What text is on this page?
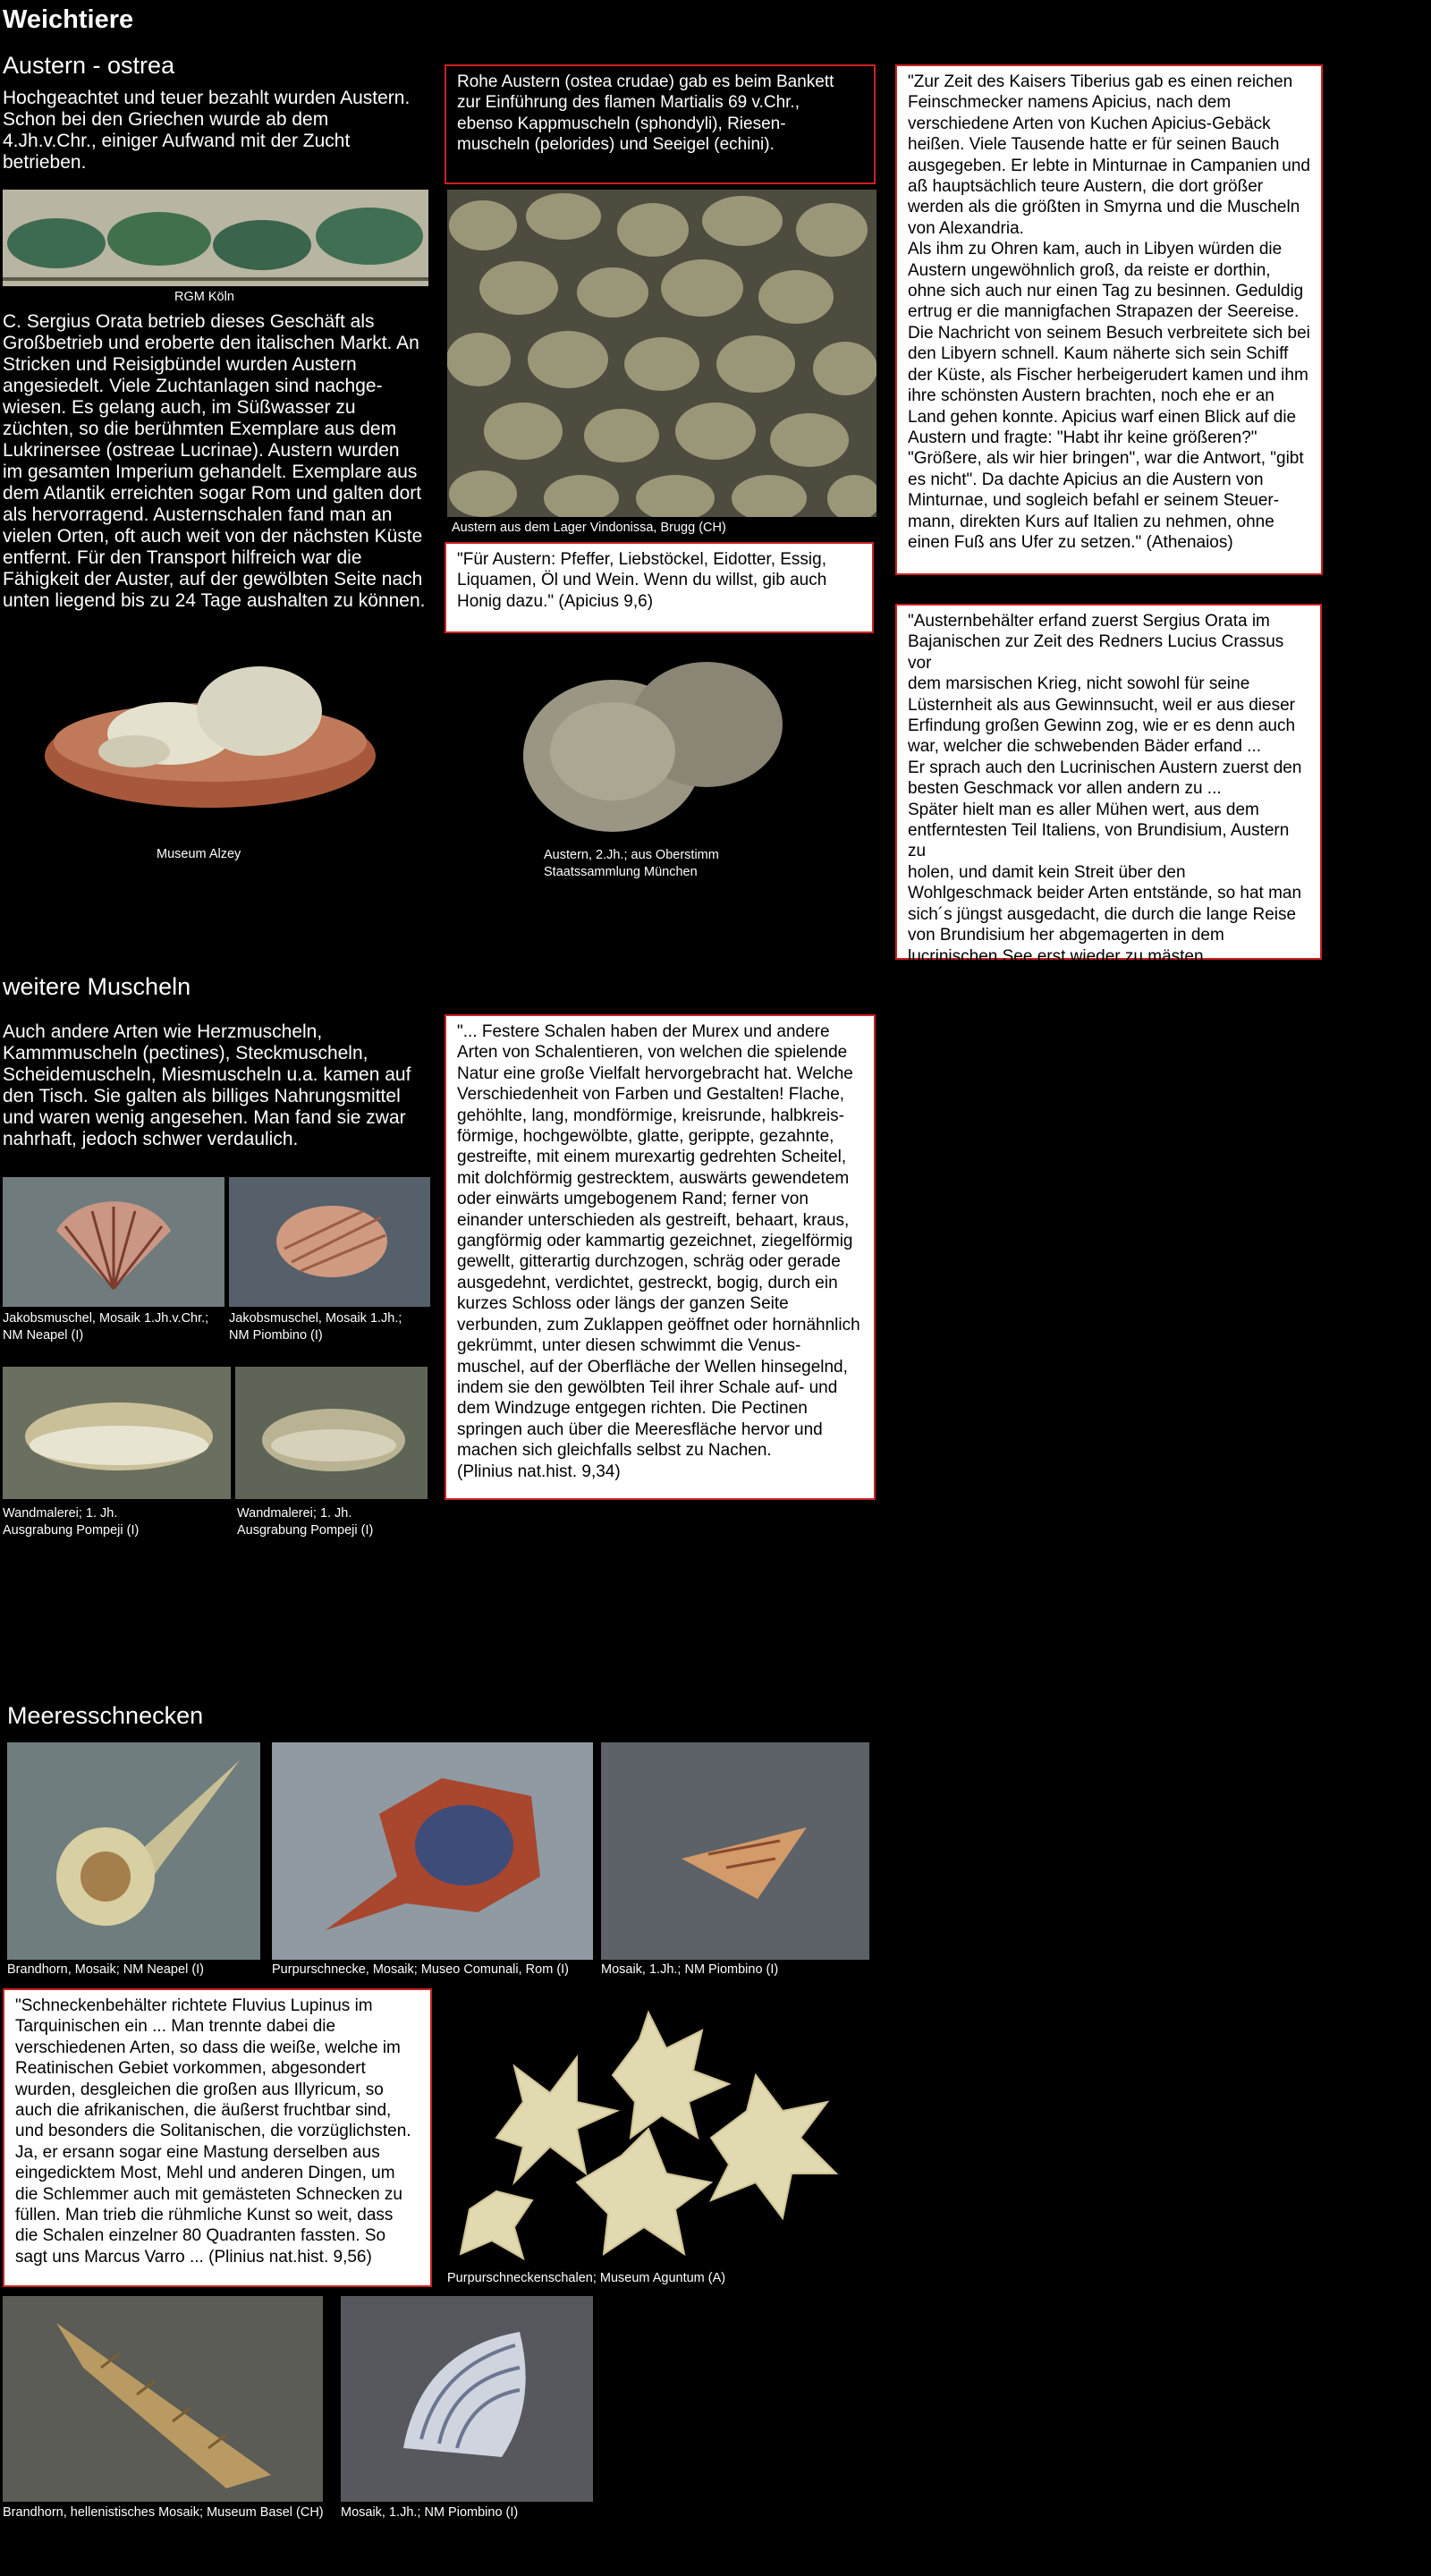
Weichtiere
Austern - ostrea
Hochgeachtet und teuer bezahlt wurden Austern.
Schon bei den Griechen wurde ab dem
4.Jh.v.Chr., einiger Aufwand mit der Zucht
betrieben.
RGM Köln
C. Sergius Orata betrieb dieses Geschäft als
Großbetrieb und eroberte den italischen Markt. An
Stricken und Reisigbündel wurden Austern
angesiedelt. Viele Zuchtanlagen sind nachge-
wiesen. Es gelang auch, im Süßwasser zu
züchten, so die berühmten Exemplare aus dem
Lukrinersee (ostreae Lucrinae). Austern wurden
im gesamten Imperium gehandelt. Exemplare aus
dem Atlantik erreichten sogar Rom und galten dort
als hervorragend. Austernschalen fand man an
vielen Orten, oft auch weit von der nächsten Küste
entfernt. Für den Transport hilfreich war die
Fähigkeit der Auster, auf der gewölbten Seite nach
unten liegend bis zu 24 Tage aushalten zu können.
Museum Alzey
Rohe Austern (ostea crudae) gab es beim Bankett
zur Einführung des flamen Martialis 69 v.Chr.,
ebenso Kappmuscheln (sphondyli), Riesen-
muscheln (pelorides) und Seeigel (echini).
Austern aus dem Lager Vindonissa, Brugg (CH)
"Für Austern: Pfeffer, Liebstöckel, Eidotter, Essig,
Liquamen, Öl und Wein. Wenn du willst, gib auch
Honig dazu." (Apicius 9,6)
Austern, 2.Jh.; aus Oberstimm
Staatssammlung München
"Zur Zeit des Kaisers Tiberius gab es einen reichen
Feinschmecker namens Apicius, nach dem
verschiedene Arten von Kuchen Apicius-Gebäck
heißen. Viele Tausende hatte er für seinen Bauch
ausgegeben. Er lebte in Minturnae in Campanien und
aß hauptsächlich teure Austern, die dort größer
werden als die größten in Smyrna und die Muscheln
von Alexandria.
Als ihm zu Ohren kam, auch in Libyen würden die
Austern ungewöhnlich groß, da reiste er dorthin,
ohne sich auch nur einen Tag zu besinnen. Geduldig
ertrug er die mannigfachen Strapazen der Seereise.
Die Nachricht von seinem Besuch verbreitete sich bei
den Libyern schnell. Kaum näherte sich sein Schiff
der Küste, als Fischer herbeigerudert kamen und ihm
ihre schönsten Austern brachten, noch ehe er an
Land gehen konnte. Apicius warf einen Blick auf die
Austern und fragte: "Habt ihr keine größeren?"
"Größere, als wir hier bringen", war die Antwort, "gibt
es nicht". Da dachte Apicius an die Austern von
Minturnae, und sogleich befahl er seinem Steuer-
mann, direkten Kurs auf Italien zu nehmen, ohne
einen Fuß ans Ufer zu setzen." (Athenaios)
"Austernbehälter erfand zuerst Sergius Orata im
Bajanischen zur Zeit des Redners Lucius Crassus vor
dem marsischen Krieg, nicht sowohl für seine
Lüsternheit als aus Gewinnsucht, weil er aus dieser
Erfindung großen Gewinn zog, wie er es denn auch
war, welcher die schwebenden Bäder erfand ...
Er sprach auch den Lucrinischen Austern zuerst den
besten Geschmack vor allen andern zu ...
Später hielt man es aller Mühen wert, aus dem
entferntesten Teil Italiens, von Brundisium, Austern zu
holen, und damit kein Streit über den
Wohlgeschmack beider Arten entstände, so hat man
sich´s jüngst ausgedacht, die durch die lange Reise
von Brundisium her abgemagerten in dem
lucrinischen See erst wieder zu mästen.
(Plinius nat.hist. 9.54)
weitere Muscheln
Auch andere Arten wie Herzmuscheln,
Kammmuscheln (pectines), Steckmuscheln,
Scheidemuscheln, Miesmuscheln u.a. kamen auf
den Tisch. Sie galten als billiges Nahrungsmittel
und waren wenig angesehen. Man fand sie zwar
nahrhaft, jedoch schwer verdaulich.
Jakobsmuschel, Mosaik 1.Jh.v.Chr.;
NM Neapel (I)
Jakobsmuschel, Mosaik 1.Jh.;
NM Piombino (I)
Wandmalerei; 1. Jh.
Ausgrabung Pompeji (I)
Wandmalerei; 1. Jh.
Ausgrabung Pompeji (I)
"... Festere Schalen haben der Murex und andere
Arten von Schalentieren, von welchen die spielende
Natur eine große Vielfalt hervorgebracht hat. Welche
Verschiedenheit von Farben und Gestalten! Flache,
gehöhlte, lang, mondförmige, kreisrunde, halbkreis-
förmige, hochgewölbte, glatte, gerippte, gezahnte,
gestreifte, mit einem murexartig gedrehten Scheitel,
mit dolchförmig gestrecktem, auswärts gewendetem
oder einwärts umgebogenem Rand; ferner von
einander unterschieden als gestreift, behaart, kraus,
gangförmig oder kammartig gezeichnet, ziegelförmig
gewellt, gitterartig durchzogen, schräg oder gerade
ausgedehnt, verdichtet, gestreckt, bogig, durch ein
kurzes Schloss oder längs der ganzen Seite
verbunden, zum Zuklappen geöffnet oder hornähnlich
gekrümmt, unter diesen schwimmt die Venus-
muschel, auf der Oberfläche der Wellen hinsegelnd,
indem sie den gewölbten Teil ihrer Schale auf- und
dem Windzuge entgegen richten. Die Pectinen
springen auch über die Meeresfläche hervor und
machen sich gleichfalls selbst zu Nachen.
(Plinius nat.hist. 9,34)
Meeresschnecken
Brandhorn, Mosaik; NM Neapel (I)	Purpurschnecke, Mosaik; Museo Comunali, Rom (I) Mosaik, 1.Jh.; NM Piombino (I)
"Schneckenbehälter richtete Fluvius Lupinus im
Tarquinischen ein ... Man trennte dabei die
verschiedenen Arten, so dass die weiße, welche im
Reatinischen Gebiet vorkommen, abgesondert
wurden, desgleichen die großen aus Illyricum, so
auch die afrikanischen, die äußerst fruchtbar sind,
und besonders die Solitanischen, die vorzüglichsten.
Ja, er ersann sogar eine Mastung derselben aus
eingedicktem Most, Mehl und anderen Dingen, um
die Schlemmer auch mit gemästeten Schnecken zu
füllen. Man trieb die rühmliche Kunst so weit, dass
die Schalen einzelner 80 Quadranten fassten. So
sagt uns Marcus Varro ... (Plinius nat.hist. 9,56)
Purpurschneckenschalen; Museum Aguntum (A)
Brandhorn, hellenistisches Mosaik; Museum Basel (CH) Mosaik, 1.Jh.; NM Piombino (I)
